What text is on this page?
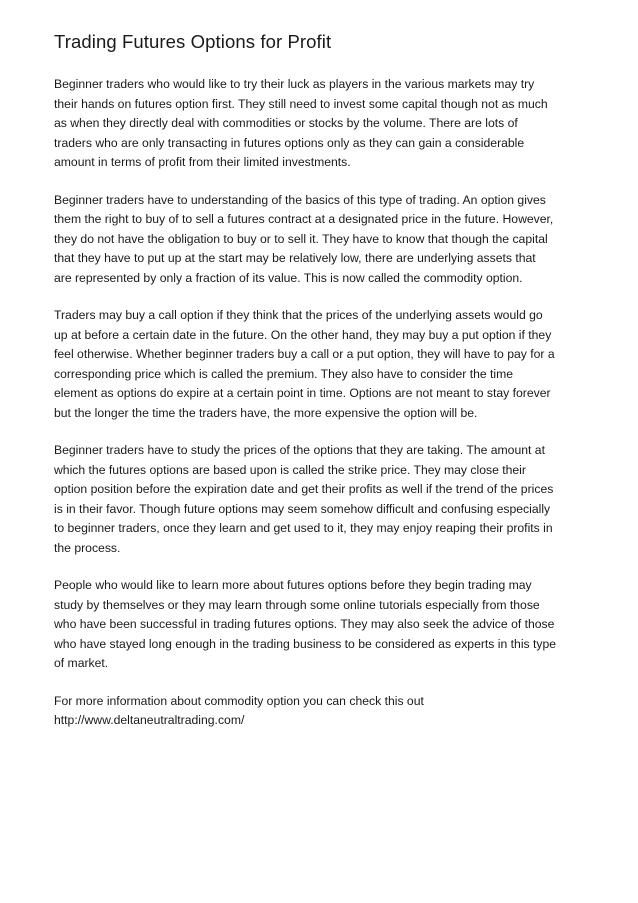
Trading Futures Options for Profit

Beginner traders who would like to try their luck as players in the various markets may try
their hands on futures option first. They still need to invest some capital though not as much
as when they directly deal with commodities or stocks by the volume. There are lots of
traders who are only transacting in futures options only as they can gain a considerable
amount in terms of profit from their limited investments.

Beginner traders have to understanding of the basics of this type of trading. An option gives
them the right to buy of to sell a futures contract at a designated price in the future. However,
they do not have the obligation to buy or to sell it. They have to know that though the capital
that they have to put up at the start may be relatively low, there are underlying assets that
are represented by only a fraction of its value. This is now called the commodity option.

Traders may buy a call option if they think that the prices of the underlying assets would go
up at before a certain date in the future. On the other hand, they may buy a put option if they
feel otherwise. Whether beginner traders buy a call or a put option, they will have to pay for a
corresponding price which is called the premium. They also have to consider the time
element as options do expire at a certain point in time. Options are not meant to stay forever
but the longer the time the traders have, the more expensive the option will be.

Beginner traders have to study the prices of the options that they are taking. The amount at
which the futures options are based upon is called the strike price. They may close their
option position before the expiration date and get their profits as well if the trend of the prices
is in their favor. Though future options may seem somehow difficult and confusing especially
to beginner traders, once they learn and get used to it, they may enjoy reaping their profits in
the process.

People who would like to learn more about futures options before they begin trading may
study by themselves or they may learn through some online tutorials especially from those
who have been successful in trading futures options. They may also seek the advice of those
who have stayed long enough in the trading business to be considered as experts in this type
of market.

For more information about commodity option you can check this out

http://www.deltaneutraltrading.com/
